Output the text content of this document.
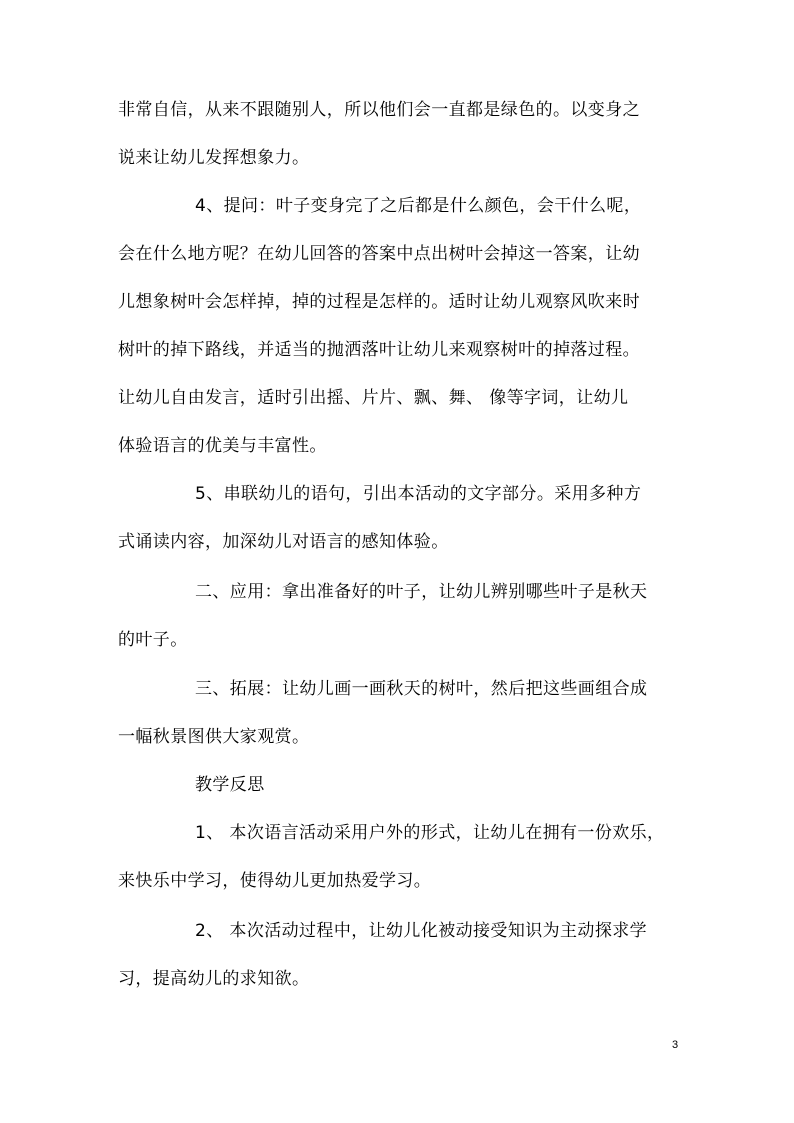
非常自信，从来不跟随别人，所以他们会一直都是绿色的。以变身之
说来让幼儿发挥想象力。
4、提问：叶子变身完了之后都是什么颜色，会干什么呢，
会在什么地方呢？在幼儿回答的答案中点出树叶会掉这一答案，让幼
儿想象树叶会怎样掉，掉的过程是怎样的。适时让幼儿观察风吹来时
树叶的掉下路线，并适当的抛洒落叶让幼儿来观察树叶的掉落过程。
让幼儿自由发言，适时引出摇、片片、飘、舞、 像等字词，让幼儿
体验语言的优美与丰富性。
5、串联幼儿的语句，引出本活动的文字部分。采用多种方
式诵读内容，加深幼儿对语言的感知体验。
二、应用：拿出准备好的叶子，让幼儿辨别哪些叶子是秋天
的叶子。
三、拓展：让幼儿画一画秋天的树叶，然后把这些画组合成
一幅秋景图供大家观赏。
教学反思
1、 本次语言活动采用户外的形式，让幼儿在拥有一份欢乐，
来快乐中学习，使得幼儿更加热爱学习。
2、 本次活动过程中，让幼儿化被动接受知识为主动探求学
习，提高幼儿的求知欲。
3
